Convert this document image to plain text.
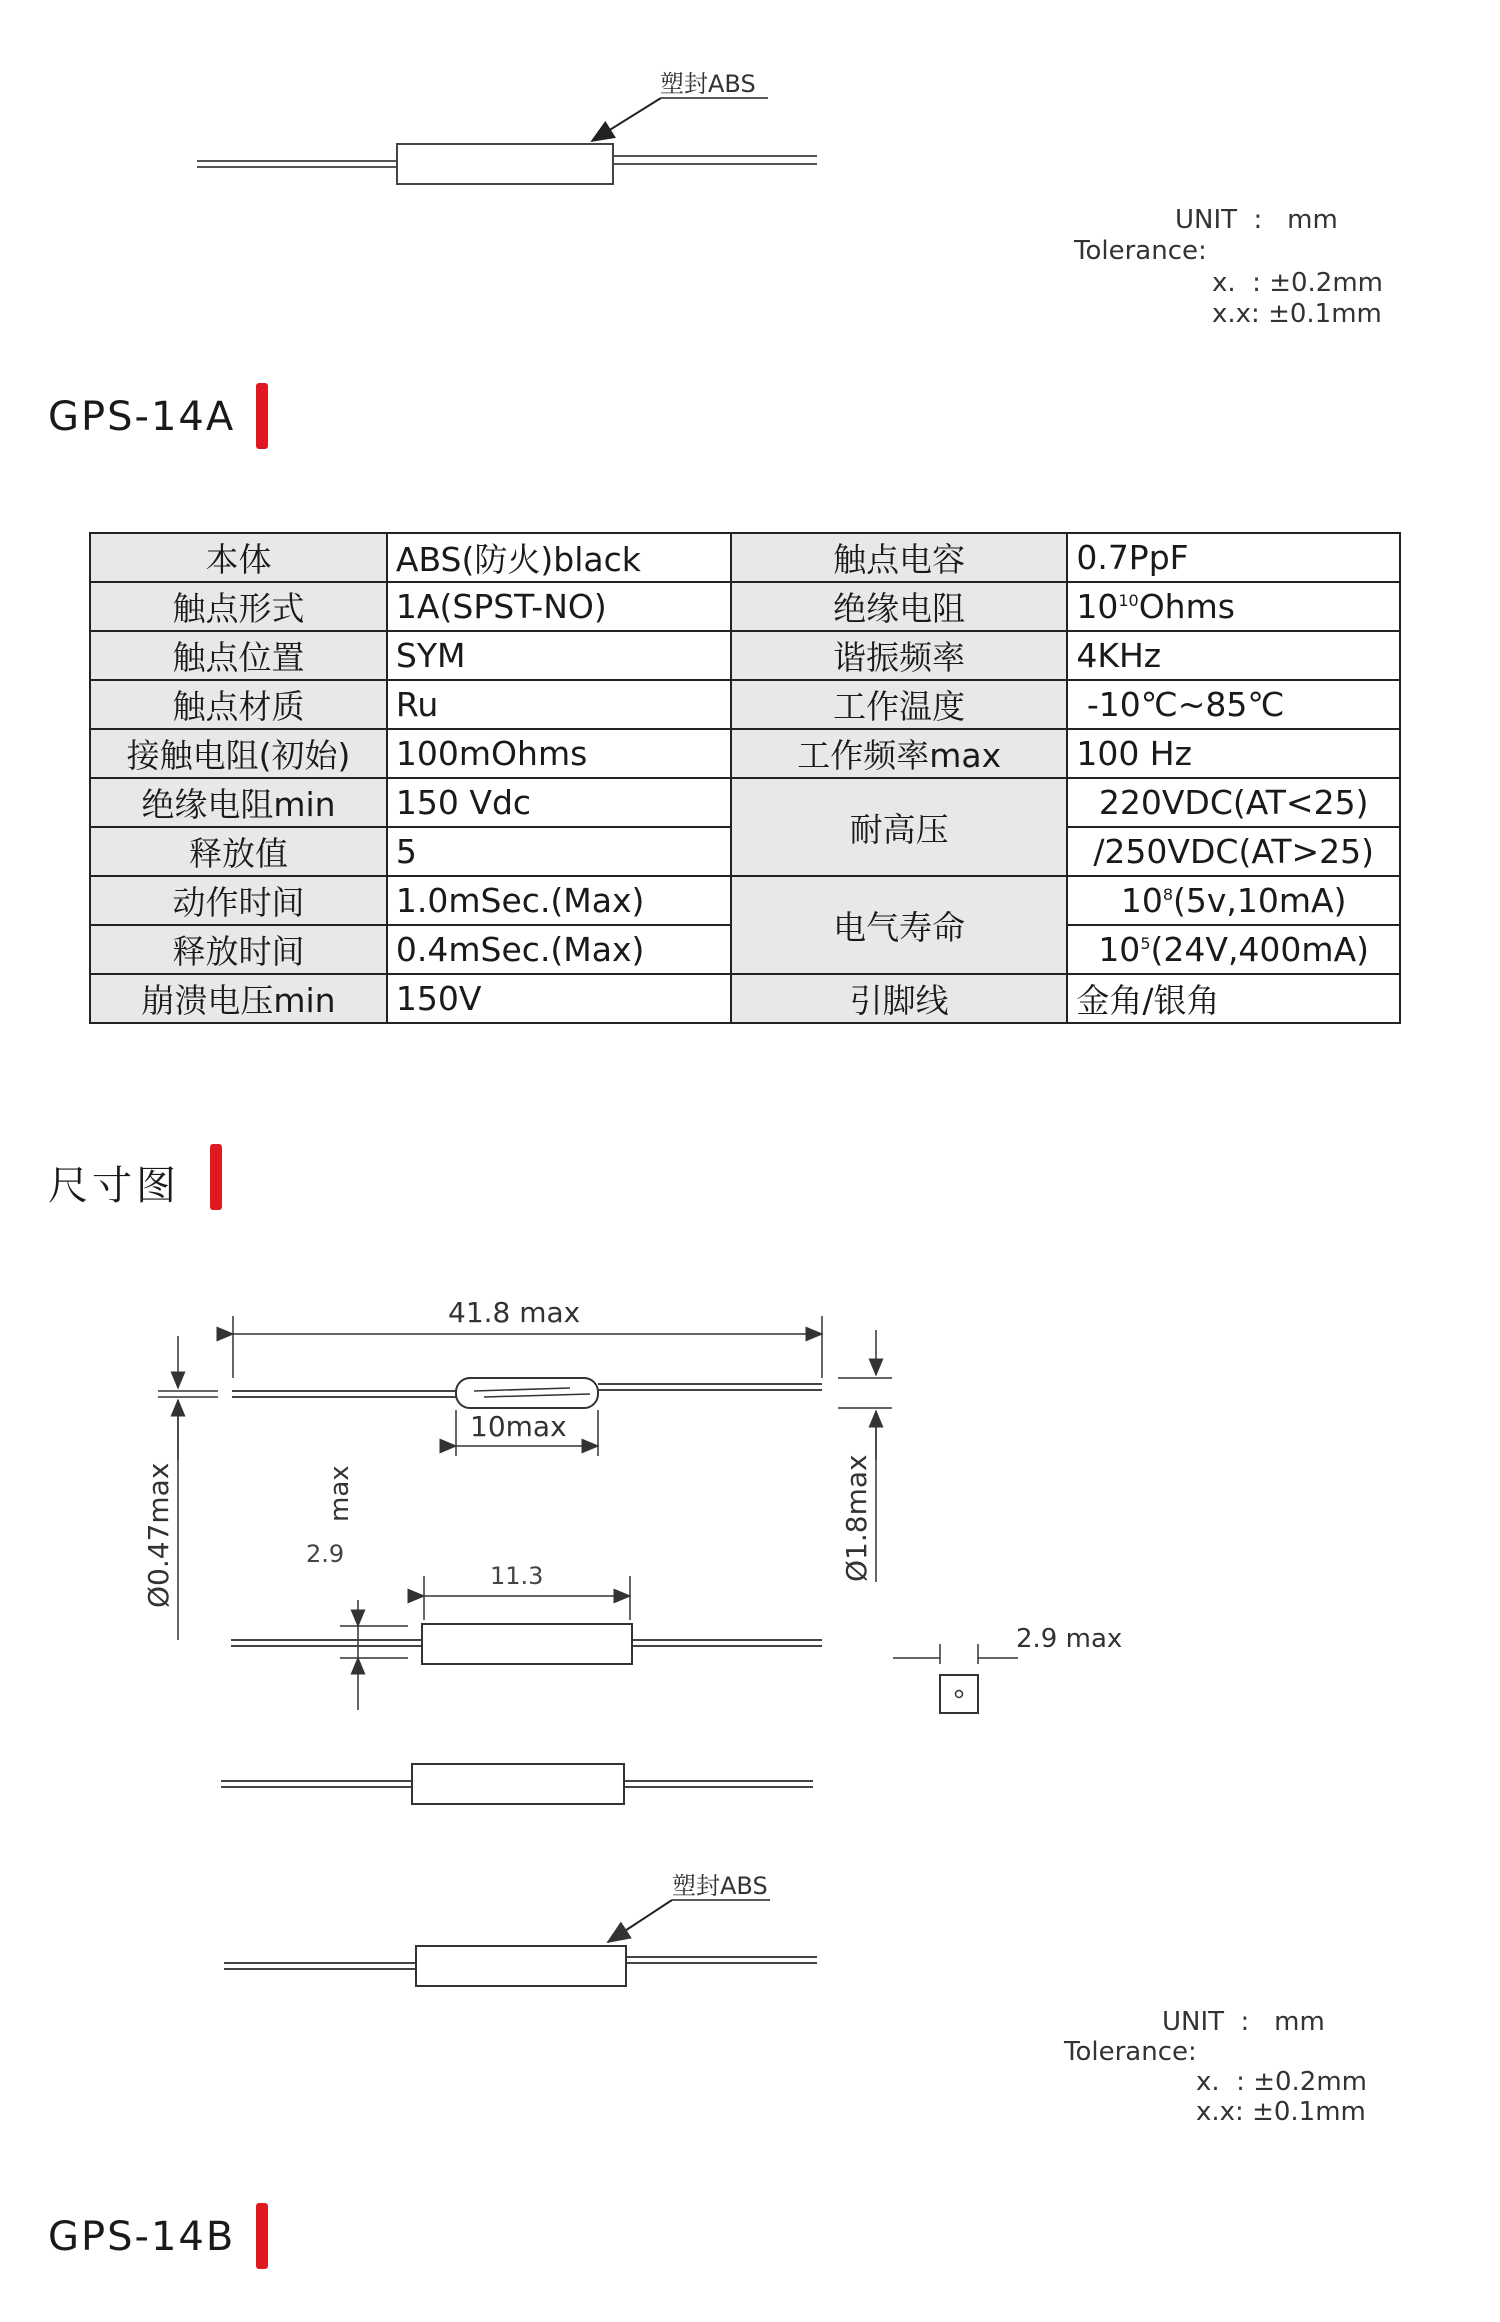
塑封ABS
UNIT  :   mm
Tolerance:
x.  : ±0.2mm
x.x: ±0.1mm
GPS-14A
本体	ABS(防火)black	触点电容	0.7PpF
触点形式	1A(SPST-NO)	绝缘电阻	$10^{10}Ohms$
触点位置	SYM	谐振频率	4KHz
触点材质	Ru	工作温度	-10℃~85℃
接触电阻(初始)	100mOhms	工作频率max	100 Hz
绝缘电阻min	150 Vdc	耐高压	220VDC(AT<25)
释放值	5		/250VDC(AT>25)
动作时间	1.0mSec.(Max)	电气寿命	$10^8(5v,10mA)$
释放时间	0.4mSec.(Max)		$10^5(24V,400mA)$
崩溃电压min	150V	引脚线	金角/银角
尺寸图
41.8 max
10max
Ø0.47max	Ø1.8max
max
2.9
11.3
2.9 max
塑封ABS
UNIT  :   mm
Tolerance:
x.  : ±0.2mm
x.x: ±0.1mm
GPS-14B
